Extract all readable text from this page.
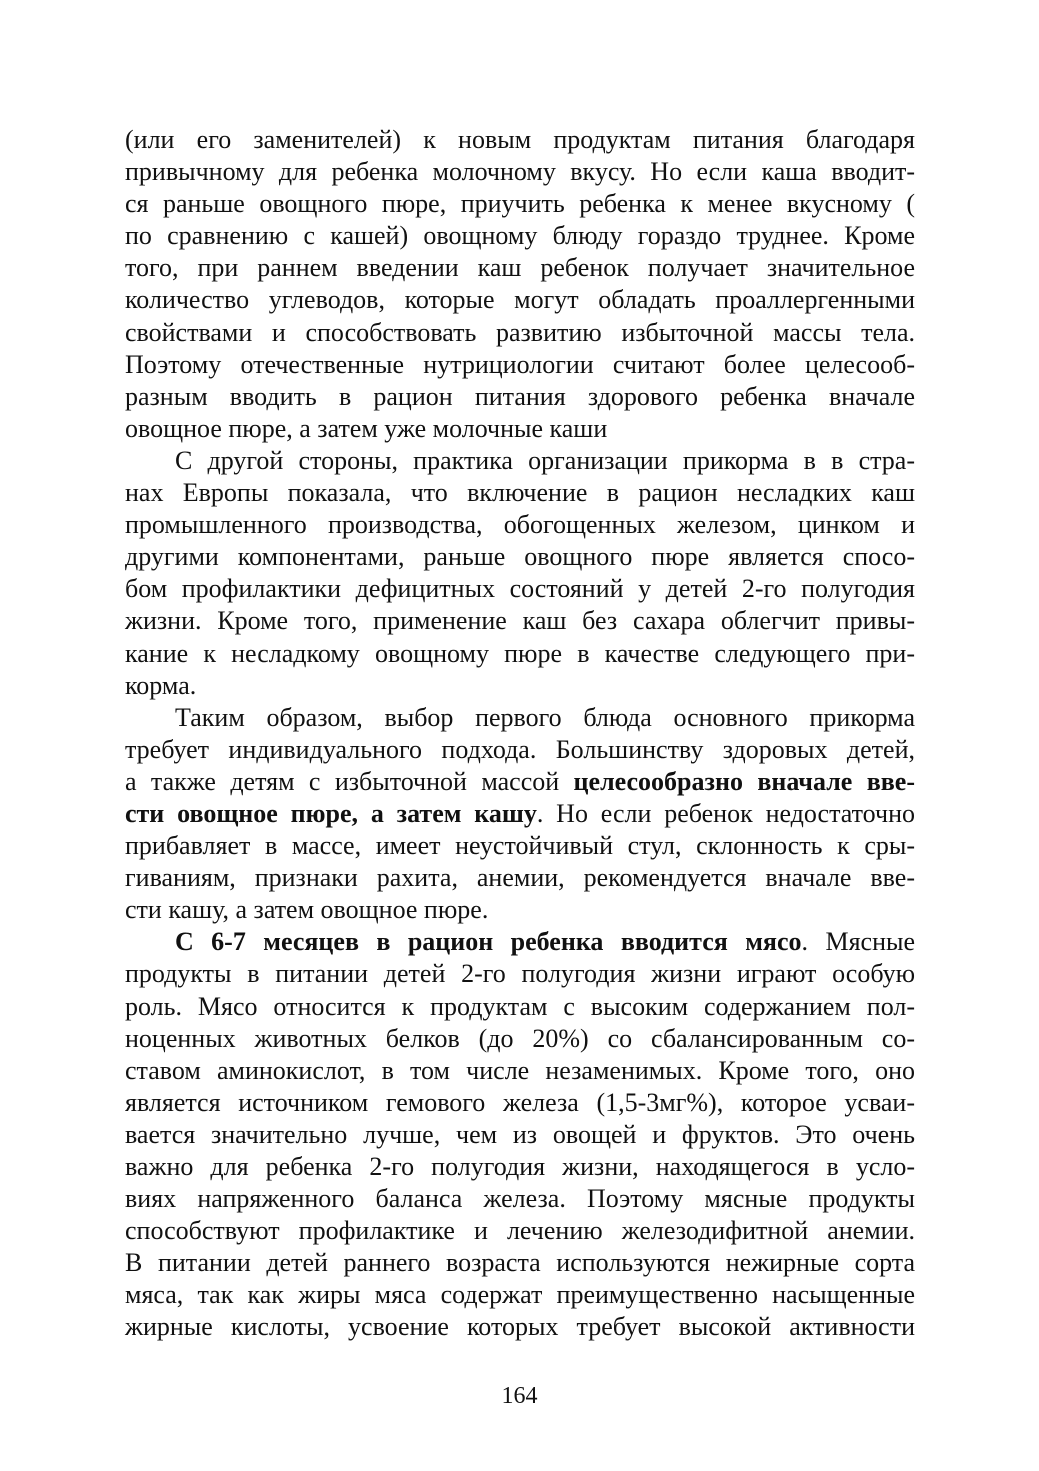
(или его заменителей) к новым продуктам питания благодаря
привычному для ребенка молочному вкусу. Но если каша вводит-
ся раньше овощного пюре, приучить ребенка к менее вкусному (
по сравнению с кашей) овощному блюду гораздо труднее. Кроме
того, при раннем введении каш ребенок получает значительное
количество углеводов, которые могут обладать проаллергенными
свойствами и способствовать развитию избыточной массы тела.
Поэтому отечественные нутрициологии считают более целесооб-
разным вводить в рацион питания здорового ребенка вначале
овощное пюре, а затем уже молочные каши
С другой стороны, практика организации прикорма в в стра-
нах Европы показала, что включение в рацион несладких каш
промышленного производства, обогощенных железом, цинком и
другими компонентами, раньше овощного пюре является спосо-
бом профилактики дефицитных состояний у детей 2-го полугодия
жизни. Кроме того, применение каш без сахара облегчит привы-
кание к несладкому овощному пюре в качестве следующего при-
корма.
Таким образом, выбор первого блюда основного прикорма
требует индивидуального подхода. Большинству здоровых детей,
а также детям с избыточной массой целесообразно вначале вве-
сти овощное пюре, а затем кашу. Но если ребенок недостаточно
прибавляет в массе, имеет неустойчивый стул, склонность к сры-
гиваниям, признаки рахита, анемии, рекомендуется вначале вве-
сти кашу, а затем овощное пюре.
С 6-7 месяцев в рацион ребенка вводится мясо. Мясные
продукты в питании детей 2-го полугодия жизни играют особую
роль. Мясо относится к продуктам с высоким содержанием пол-
ноценных животных белков (до 20%) со сбалансированным со-
ставом аминокислот, в том числе незаменимых. Кроме того, оно
является источником гемового железа (1,5-3мг%), которое усваи-
вается значительно лучше, чем из овощей и фруктов. Это очень
важно для ребенка 2-го полугодия жизни, находящегося в усло-
виях напряженного баланса железа. Поэтому мясные продукты
способствуют профилактике и лечению железодифитной анемии.
В питании детей раннего возраста используются нежирные сорта
мяса, так как жиры мяса содержат преимущественно насыщенные
жирные кислоты, усвоение которых требует высокой активности
164
